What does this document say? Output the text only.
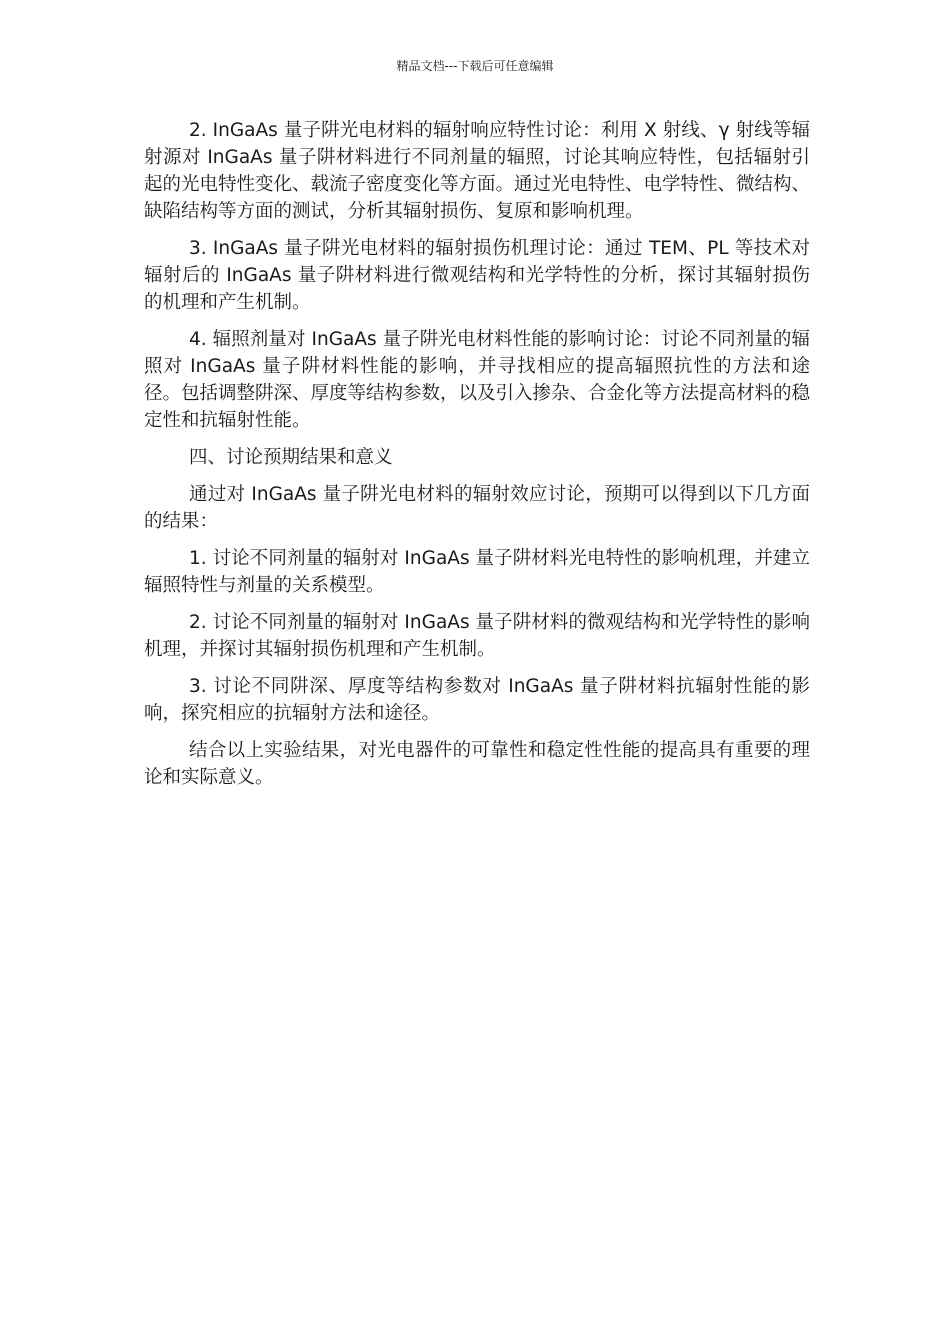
精品文档---下载后可任意编辑

2. InGaAs 量子阱光电材料的辐射响应特性讨论：利用 X 射线、γ 射线等辐射源对 InGaAs 量子阱材料进行不同剂量的辐照，讨论其响应特性，包括辐射引起的光电特性变化、载流子密度变化等方面。通过光电特性、电学特性、微结构、缺陷结构等方面的测试，分析其辐射损伤、复原和影响机理。

3. InGaAs 量子阱光电材料的辐射损伤机理讨论：通过 TEM、PL 等技术对辐射后的 InGaAs 量子阱材料进行微观结构和光学特性的分析，探讨其辐射损伤的机理和产生机制。

4. 辐照剂量对 InGaAs 量子阱光电材料性能的影响讨论：讨论不同剂量的辐照对 InGaAs 量子阱材料性能的影响，并寻找相应的提高辐照抗性的方法和途径。包括调整阱深、厚度等结构参数，以及引入掺杂、合金化等方法提高材料的稳定性和抗辐射性能。

四、讨论预期结果和意义

通过对 InGaAs 量子阱光电材料的辐射效应讨论，预期可以得到以下几方面的结果：

1. 讨论不同剂量的辐射对 InGaAs 量子阱材料光电特性的影响机理，并建立辐照特性与剂量的关系模型。

2. 讨论不同剂量的辐射对 InGaAs 量子阱材料的微观结构和光学特性的影响机理，并探讨其辐射损伤机理和产生机制。

3. 讨论不同阱深、厚度等结构参数对 InGaAs 量子阱材料抗辐射性能的影响，探究相应的抗辐射方法和途径。

结合以上实验结果，对光电器件的可靠性和稳定性性能的提高具有重要的理论和实际意义。
